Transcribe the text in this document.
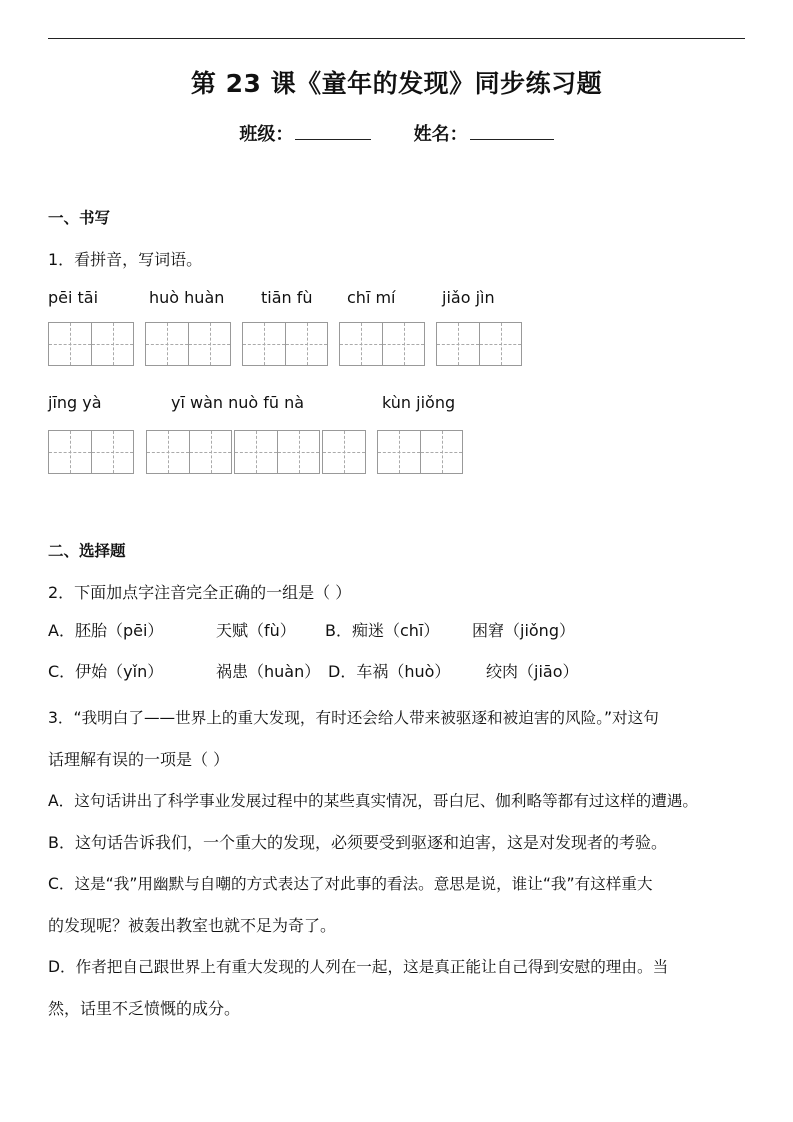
第 23 课《童年的发现》同步练习题
班级：	姓名：
一、书写
1．看拼音，写词语。
pēi tāi	huò huàn tiān fù chī mí	jiǎo jìn
jīng yà	yī wàn nuò fū nà	kùn jiǒng
二、选择题
2．下面加点字注音完全正确的一组是（ ）
A．胚胎（pēi）	天赋（fù） B．痴迷（chī） 困窘（jiǒng）
C．伊始（yǐn）	祸患（huàn） D．车祸（huò） 绞肉（jiāo）
3．“我明白了——世界上的重大发现，有时还会给人带来被驱逐和被迫害的风险。”对这句
话理解有误的一项是（ ）
A．这句话讲出了科学事业发展过程中的某些真实情况，哥白尼、伽利略等都有过这样的遭遇。
B．这句话告诉我们，一个重大的发现，必须要受到驱逐和迫害，这是对发现者的考验。
C．这是“我”用幽默与自嘲的方式表达了对此事的看法。意思是说，谁让“我”有这样重大
的发现呢？被轰出教室也就不足为奇了。
D．作者把自己跟世界上有重大发现的人列在一起，这是真正能让自己得到安慰的理由。当
然，话里不乏愤慨的成分。
